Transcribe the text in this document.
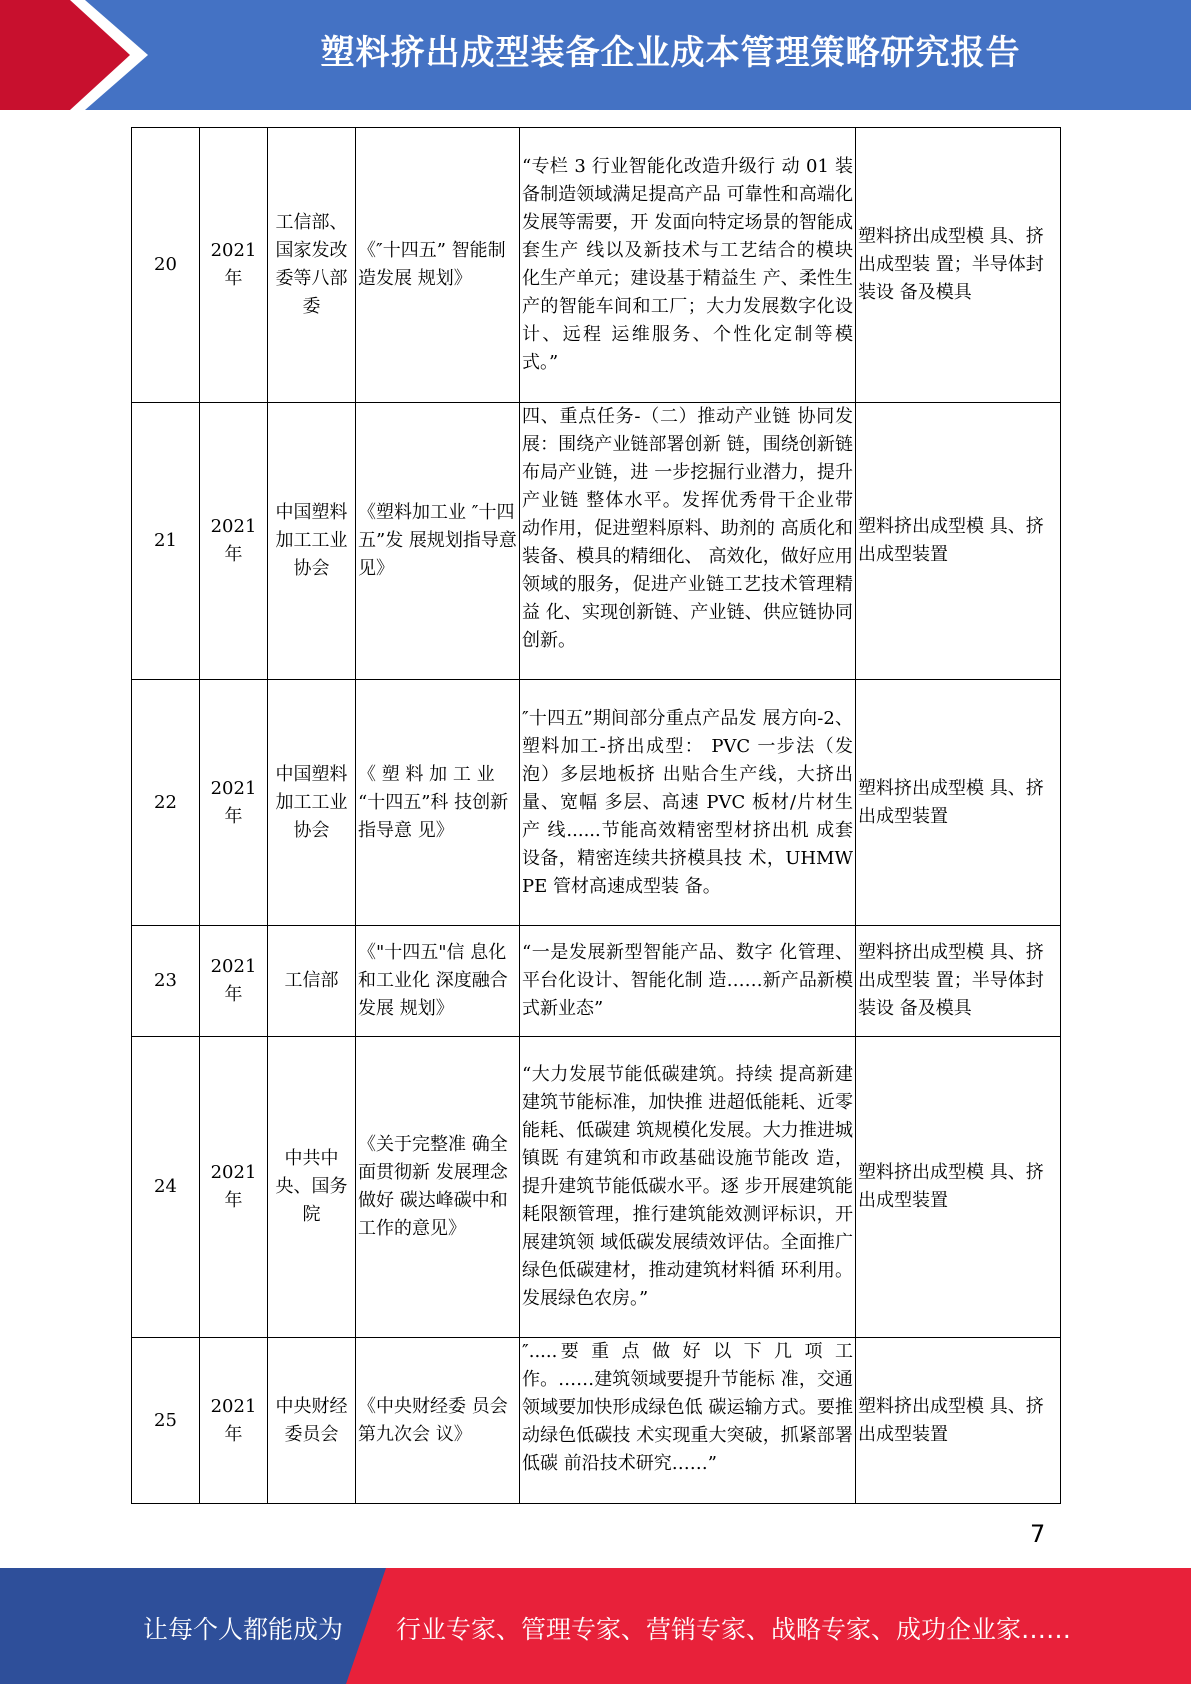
塑料挤出成型装备企业成本管理策略研究报告
20	2021 年	工信部、国家发改委等八部委	《″十四五” 智能制造发展 规划》	“专栏 3 行业智能化改造升级行 动 01 装备制造领域满足提高产品 可靠性和高端化发展等需要，开 发面向特定场景的智能成套生产 线以及新技术与工艺结合的模块 化生产单元；建设基于精益生 产、柔性生产的智能车间和工厂；大力发展数字化设计、远程 运维服务、个性化定制等模 式。”	塑料挤出成型模 具、挤出成型装 置；半导体封装设 备及模具
21	2021 年	中国塑料加工工业协会	《塑料加工业 ″十四五”发 展规划指导意 见》	四、重点任务-（二）推动产业链 协同发展：围绕产业链部署创新 链，围绕创新链布局产业链，进 一步挖掘行业潜力，提升产业链 整体水平。发挥优秀骨干企业带 动作用，促进塑料原料、助剂的 高质化和装备、模具的精细化、 高效化，做好应用领域的服务，促进产业链工艺技术管理精益 化、实现创新链、产业链、供应链协同创新。	塑料挤出成型模 具、挤出成型装置
22	2021 年	中国塑料加工工业协会	《 塑 料 加 工 业 “十四五”科 技创新指导意 见》	″十四五”期间部分重点产品发 展方向-2、塑料加工-挤出成型： PVC 一步法（发泡）多层地板挤 出贴合生产线，大挤出量、宽幅 多层、高速 PVC 板材/片材生产 线......节能高效精密型材挤出机 成套设备，精密连续共挤模具技 术，UHMWPE 管材高速成型装 备。	塑料挤出成型模 具、挤出成型装置
23	2021 年	工信部	《"十四五"信 息化和工业化 深度融合发展 规划》	“一是发展新型智能产品、数字 化管理、平台化设计、智能化制 造……新产品新模式新业态”	塑料挤出成型模 具、挤出成型装 置；半导体封装设 备及模具
24	2021 年	中共中央、国务院	《关于完整准 确全面贯彻新 发展理念做好 碳达峰碳中和 工作的意见》	“大力发展节能低碳建筑。持续 提高新建建筑节能标准，加快推 进超低能耗、近零能耗、低碳建 筑规模化发展。大力推进城镇既 有建筑和市政基础设施节能改 造，提升建筑节能低碳水平。逐 步开展建筑能耗限额管理，推行建筑能效测评标识，开展建筑领 域低碳发展绩效评估。全面推广 绿色低碳建材，推动建筑材料循 环利用。发展绿色农房。”	塑料挤出成型模 具、挤出成型装置
25	2021 年	中央财经委员会	《中央财经委 员会第九次会 议》	″.....要 重 点 做 好 以 下 几 项 工 作。……建筑领域要提升节能标 准，交通领域要加快形成绿色低 碳运输方式。要推动绿色低碳技 术实现重大突破，抓紧部署低碳 前沿技术研究……”	塑料挤出成型模 具、挤出成型装置
7
让每个人都能成为 行业专家、管理专家、营销专家、战略专家、成功企业家……
